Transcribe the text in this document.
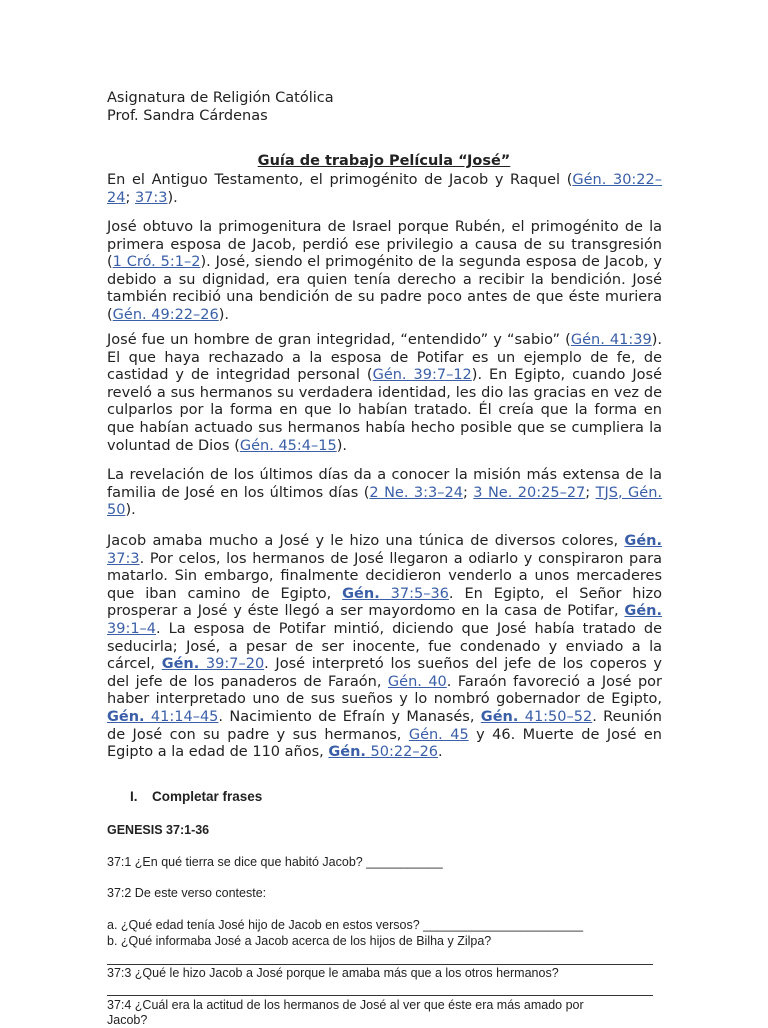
Asignatura de Religión Católica
Prof. Sandra Cárdenas
Guía de trabajo Película “José”
En el Antiguo Testamento, el primogénito de Jacob y Raquel (Gén. 30:22–24; 37:3).
José obtuvo la primogenitura de Israel porque Rubén, el primogénito de la primera esposa de Jacob, perdió ese privilegio a causa de su transgresión (1 Cró. 5:1–2). José, siendo el primogénito de la segunda esposa de Jacob, y debido a su dignidad, era quien tenía derecho a recibir la bendición. José también recibió una bendición de su padre poco antes de que éste muriera (Gén. 49:22–26).
José fue un hombre de gran integridad, “entendido” y “sabio” (Gén. 41:39). El que haya rechazado a la esposa de Potifar es un ejemplo de fe, de castidad y de integridad personal (Gén. 39:7–12). En Egipto, cuando José reveló a sus hermanos su verdadera identidad, les dio las gracias en vez de culparlos por la forma en que lo habían tratado. Él creía que la forma en que habían actuado sus hermanos había hecho posible que se cumpliera la voluntad de Dios (Gén. 45:4–15).
La revelación de los últimos días da a conocer la misión más extensa de la familia de José en los últimos días (2 Ne. 3:3–24; 3 Ne. 20:25–27; TJS, Gén. 50).
Jacob amaba mucho a José y le hizo una túnica de diversos colores, Gén. 37:3. Por celos, los hermanos de José llegaron a odiarlo y conspiraron para matarlo. Sin embargo, finalmente decidieron venderlo a unos mercaderes que iban camino de Egipto, Gén. 37:5–36. En Egipto, el Señor hizo prosperar a José y éste llegó a ser mayordomo en la casa de Potifar, Gén. 39:1–4. La esposa de Potifar mintió, diciendo que José había tratado de seducirla; José, a pesar de ser inocente, fue condenado y enviado a la cárcel, Gén. 39:7–20. José interpretó los sueños del jefe de los coperos y del jefe de los panaderos de Faraón, Gén. 40. Faraón favoreció a José por haber interpretado uno de sus sueños y lo nombró gobernador de Egipto, Gén. 41:14–45. Nacimiento de Efraín y Manasés, Gén. 41:50–52. Reunión de José con su padre y sus hermanos, Gén. 45 y 46. Muerte de José en Egipto a la edad de 110 años, Gén. 50:22–26.
I. Completar frases
GENESIS 37:1-36
37:1 ¿En qué tierra se dice que habitó Jacob? ___________
37:2 De este verso conteste:
a. ¿Qué edad tenía José hijo de Jacob en estos versos? _______________________
b. ¿Qué informaba José a Jacob acerca de los hijos de Bilha y Zilpa?
37:3 ¿Qué le hizo Jacob a José porque le amaba más que a los otros hermanos?
37:4 ¿Cuál era la actitud de los hermanos de José al ver que éste era más amado por
Jacob?
